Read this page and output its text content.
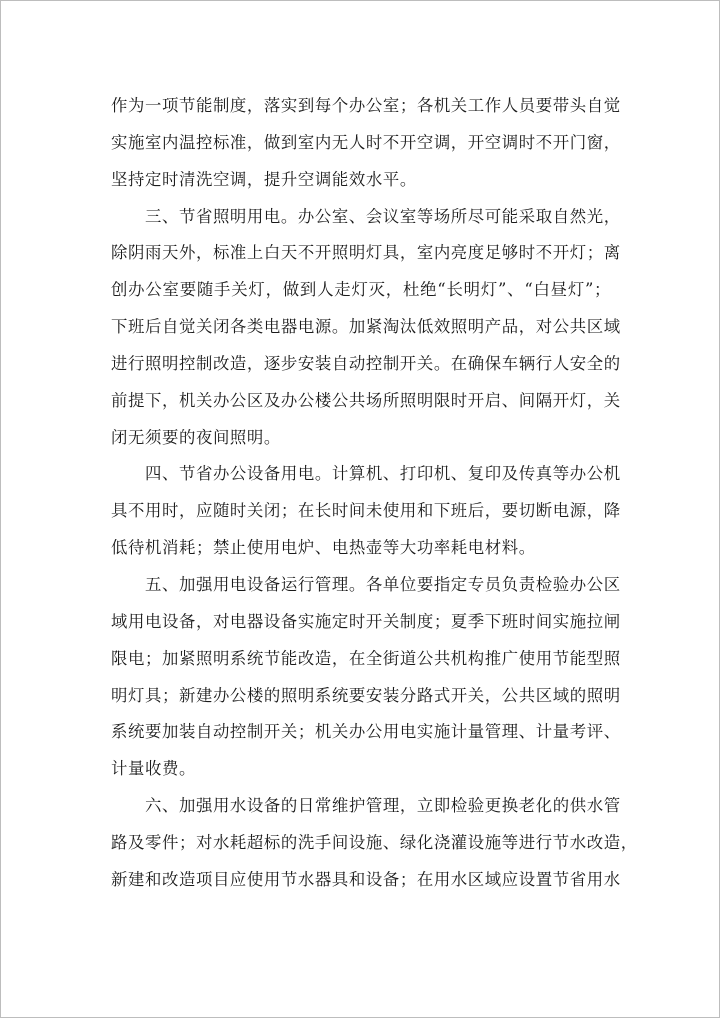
作为一项节能制度，落实到每个办公室；各机关工作人员要带头自觉
实施室内温控标准，做到室内无人时不开空调，开空调时不开门窗，
坚持定时清洗空调，提升空调能效水平。
　　三、节省照明用电。办公室、会议室等场所尽可能采取自然光，
除阴雨天外，标准上白天不开照明灯具，室内亮度足够时不开灯；离
创办公室要随手关灯，做到人走灯灭，杜绝“长明灯”、“白昼灯”；
下班后自觉关闭各类电器电源。加紧淘汰低效照明产品，对公共区域
进行照明控制改造，逐步安装自动控制开关。在确保车辆行人安全的
前提下，机关办公区及办公楼公共场所照明限时开启、间隔开灯，关
闭无须要的夜间照明。
　　四、节省办公设备用电。计算机、打印机、复印及传真等办公机
具不用时，应随时关闭；在长时间未使用和下班后，要切断电源，降
低待机消耗；禁止使用电炉、电热壶等大功率耗电材料。
　　五、加强用电设备运行管理。各单位要指定专员负责检验办公区
域用电设备，对电器设备实施定时开关制度；夏季下班时间实施拉闸
限电；加紧照明系统节能改造，在全街道公共机构推广使用节能型照
明灯具；新建办公楼的照明系统要安装分路式开关，公共区域的照明
系统要加装自动控制开关；机关办公用电实施计量管理、计量考评、
计量收费。
　　六、加强用水设备的日常维护管理，立即检验更换老化的供水管
路及零件；对水耗超标的洗手间设施、绿化浇灌设施等进行节水改造，
新建和改造项目应使用节水器具和设备；在用水区域应设置节省用水
